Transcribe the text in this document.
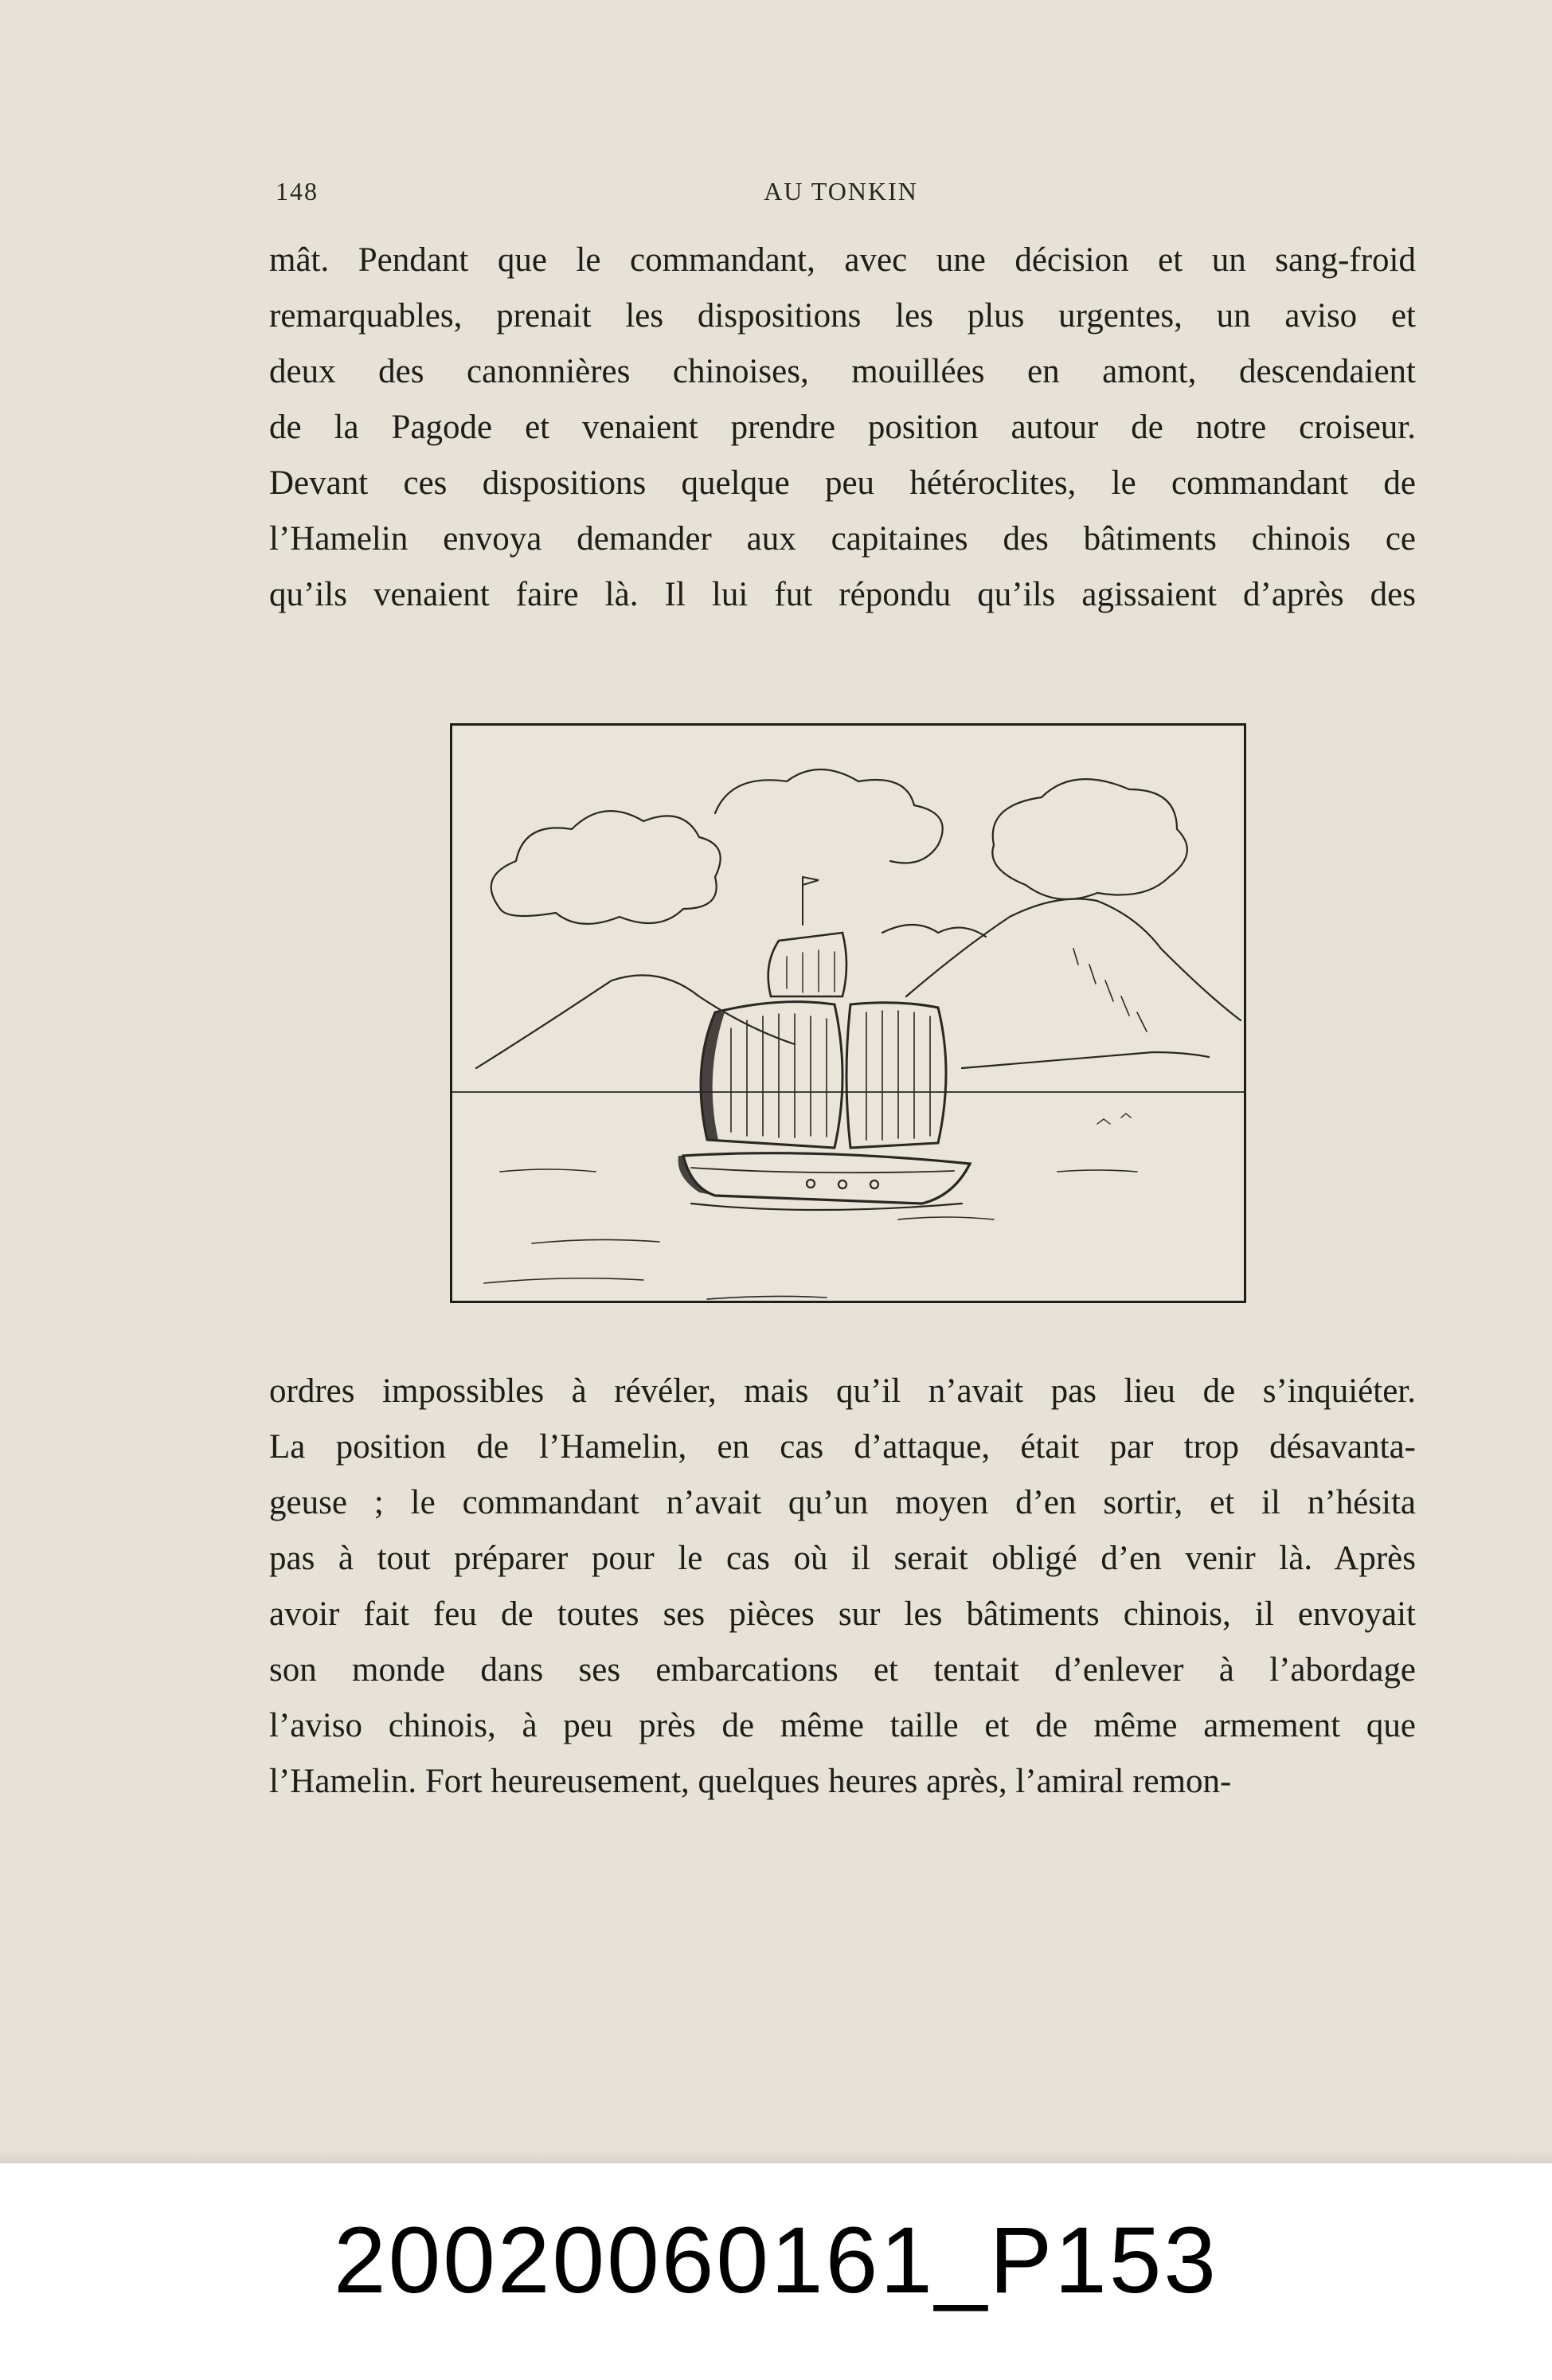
148	AU TONKIN
mât. Pendant que le commandant, avec une décision et un sang-froid
remarquables, prenait les dispositions les plus urgentes, un aviso et
deux des canonnières chinoises, mouillées en amont, descendaient
de la Pagode et venaient prendre position autour de notre croiseur.
Devant ces dispositions quelque peu hétéroclites, le commandant de
l’Hamelin envoya demander aux capitaines des bâtiments chinois ce
qu’ils venaient faire là. Il lui fut répondu qu’ils agissaient d’après des
ordres impossibles à révéler, mais qu’il n’avait pas lieu de s’inquiéter.
La position de l’Hamelin, en cas d’attaque, était par trop désavanta-
geuse ; le commandant n’avait qu’un moyen d’en sortir, et il n’hésita
pas à tout préparer pour le cas où il serait obligé d’en venir là. Après
avoir fait feu de toutes ses pièces sur les bâtiments chinois, il envoyait
son monde dans ses embarcations et tentait d’enlever à l’abordage
l’aviso chinois, à peu près de même taille et de même armement que
l’Hamelin. Fort heureusement, quelques heures après, l’amiral remon-
20020060161_P153
